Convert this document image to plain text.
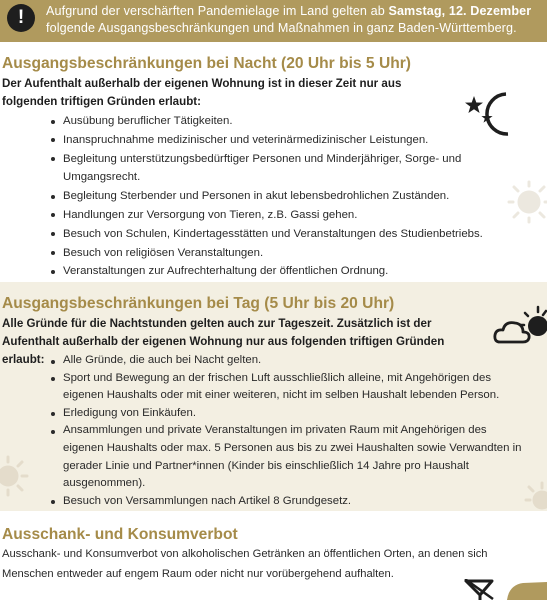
!	Aufgrund der verschärften Pandemielage im Land gelten ab Samstag, 12. Dezember folgende Ausgangsbeschränkungen und Maßnahmen in ganz Baden-Württemberg.
Ausgangsbeschränkungen bei Nacht (20 Uhr bis 5 Uhr)

Der Aufenthalt außerhalb der eigenen Wohnung ist in dieser Zeit nur aus folgenden triftigen Gründen erlaubt:

Ausübung beruflicher Tätigkeiten.
Inanspruchnahme medizinischer und veterinärmedizinischer Leistungen.
Begleitung unterstützungsbedürftiger Personen und Minderjähriger, Sorge- und Umgangsrecht.
Begleitung Sterbender und Personen in akut lebensbedrohlichen Zuständen.
Handlungen zur Versorgung von Tieren, z.B. Gassi gehen.
Besuch von Schulen, Kindertagesstätten und Veranstaltungen des Studienbetriebs.
Besuch von religiösen Veranstaltungen.
Veranstaltungen zur Aufrechterhaltung der öffentlichen Ordnung.
Ausgangsbeschränkungen bei Tag (5 Uhr bis 20 Uhr)

Alle Gründe für die Nachtstunden gelten auch zur Tageszeit. Zusätzlich ist der Aufenthalt außerhalb der eigenen Wohnung nur aus folgenden triftigen Gründen erlaubt:	Alle Gründe, die auch bei Nacht gelten.
Sport und Bewegung an der frischen Luft ausschließlich alleine, mit Angehörigen des eigenen Haushalts oder mit einer weiteren, nicht im selben Haushalt lebenden Person.
Erledigung von Einkäufen.
Ansammlungen und private Veranstaltungen im privaten Raum mit Angehörigen des eigenen Haushalts oder max. 5 Personen aus bis zu zwei Haushalten sowie Verwandten in gerader Linie und Partner*innen (Kinder bis einschließlich 14 Jahre pro Haushalt ausgenommen).
Besuch von Versammlungen nach Artikel 8 Grundgesetz.
Ausschank- und Konsumverbot

Ausschank- und Konsumverbot von alkoholischen Getränken an öffentlichen Orten, an denen sich Menschen entweder auf engem Raum oder nicht nur vorübergehend aufhalten.
